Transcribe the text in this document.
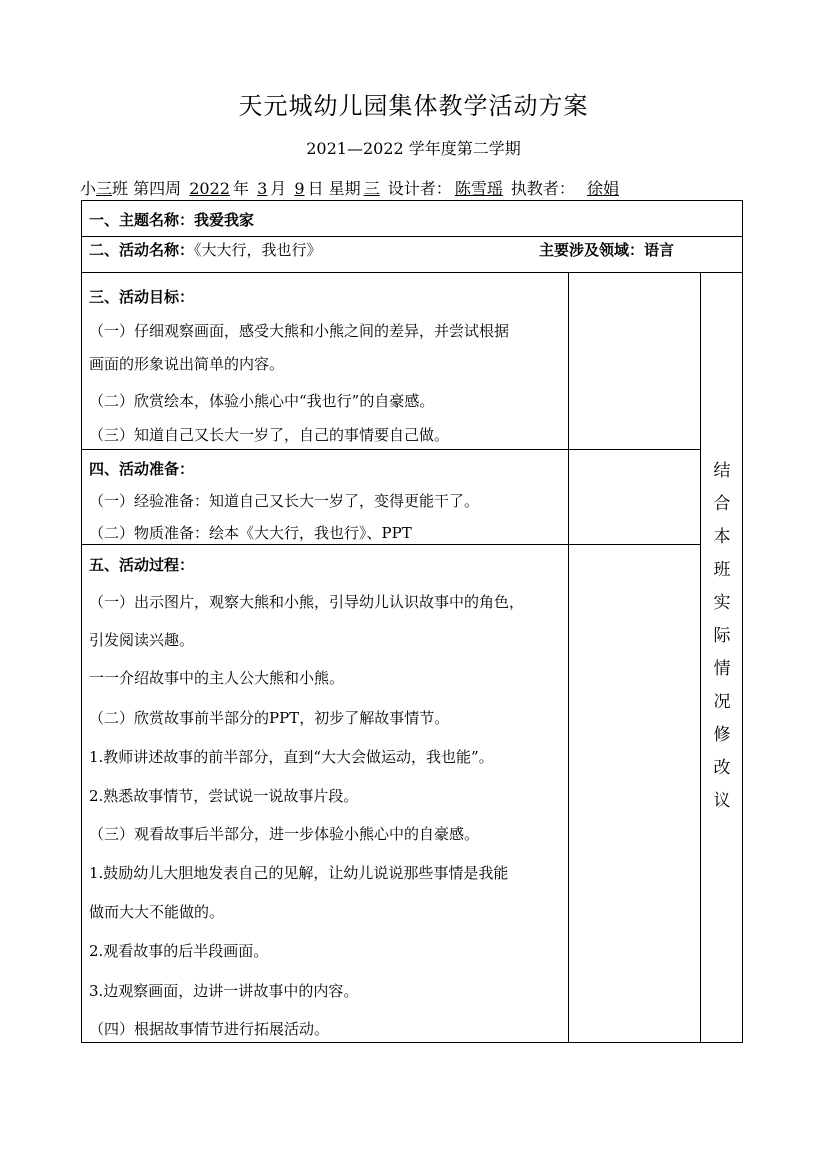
天元城幼儿园集体教学活动方案
2021—2022 学年度第二学期
小三班 第四周 2022 年 3 月 9 日 星期 三 设计者： 陈雪瑶 执教者： 徐娟
一、主题名称：我爱我家
二、活动名称：《大大行，我也行》	主要涉及领域：语言
三、活动目标：
（一）仔细观察画面，感受大熊和小熊之间的差异，并尝试根据
画面的形象说出简单的内容。
（二）欣赏绘本，体验小熊心中“我也行”的自豪感。
（三）知道自己又长大一岁了，自己的事情要自己做。
四、活动准备：
（一）经验准备：知道自己又长大一岁了，变得更能干了。
（二）物质准备：绘本《大大行，我也行》、PPT
五、活动过程：
（一）出示图片，观察大熊和小熊，引导幼儿认识故事中的角色，
引发阅读兴趣。
一一介绍故事中的主人公大熊和小熊。
（二）欣赏故事前半部分的PPT，初步了解故事情节。
1.教师讲述故事的前半部分，直到“大大会做运动，我也能”。
2.熟悉故事情节，尝试说一说故事片段。
（三）观看故事后半部分，进一步体验小熊心中的自豪感。
1.鼓励幼儿大胆地发表自己的见解，让幼儿说说那些事情是我能
做而大大不能做的。
2.观看故事的后半段画面。
3.边观察画面，边讲一讲故事中的内容。
（四）根据故事情节进行拓展活动。
结
合
本
班
实
际
情
况
修
改
议
